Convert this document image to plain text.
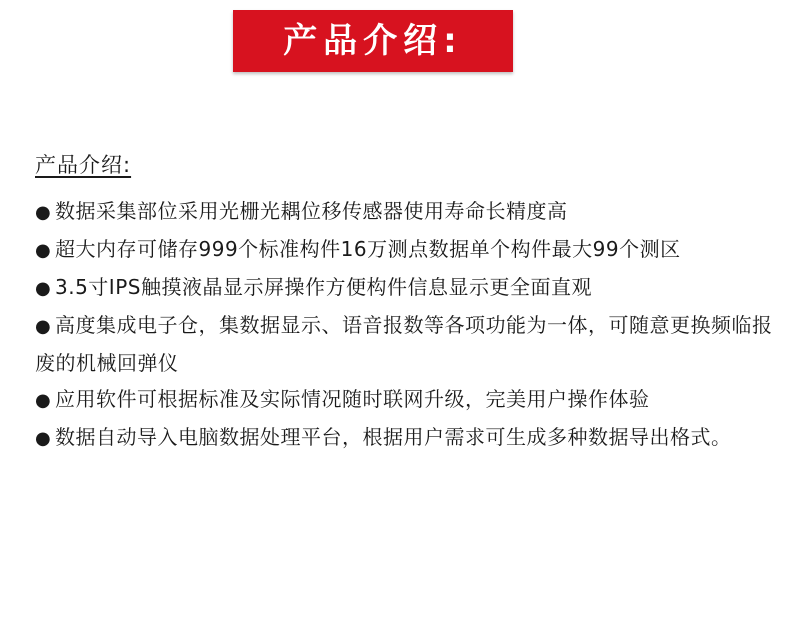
产品介绍:
产品介绍:
● 数据采集部位采用光栅光耦位移传感器使用寿命长精度高
● 超大内存可储存999个标准构件16万测点数据单个构件最大99个测区
● 3.5寸IPS触摸液晶显示屏操作方便构件信息显示更全面直观
● 高度集成电子仓，集数据显示、语音报数等各项功能为一体，可随意更换频临报废的机械回弹仪
● 应用软件可根据标准及实际情况随时联网升级，完美用户操作体验
● 数据自动导入电脑数据处理平台，根据用户需求可生成多种数据导出格式。
